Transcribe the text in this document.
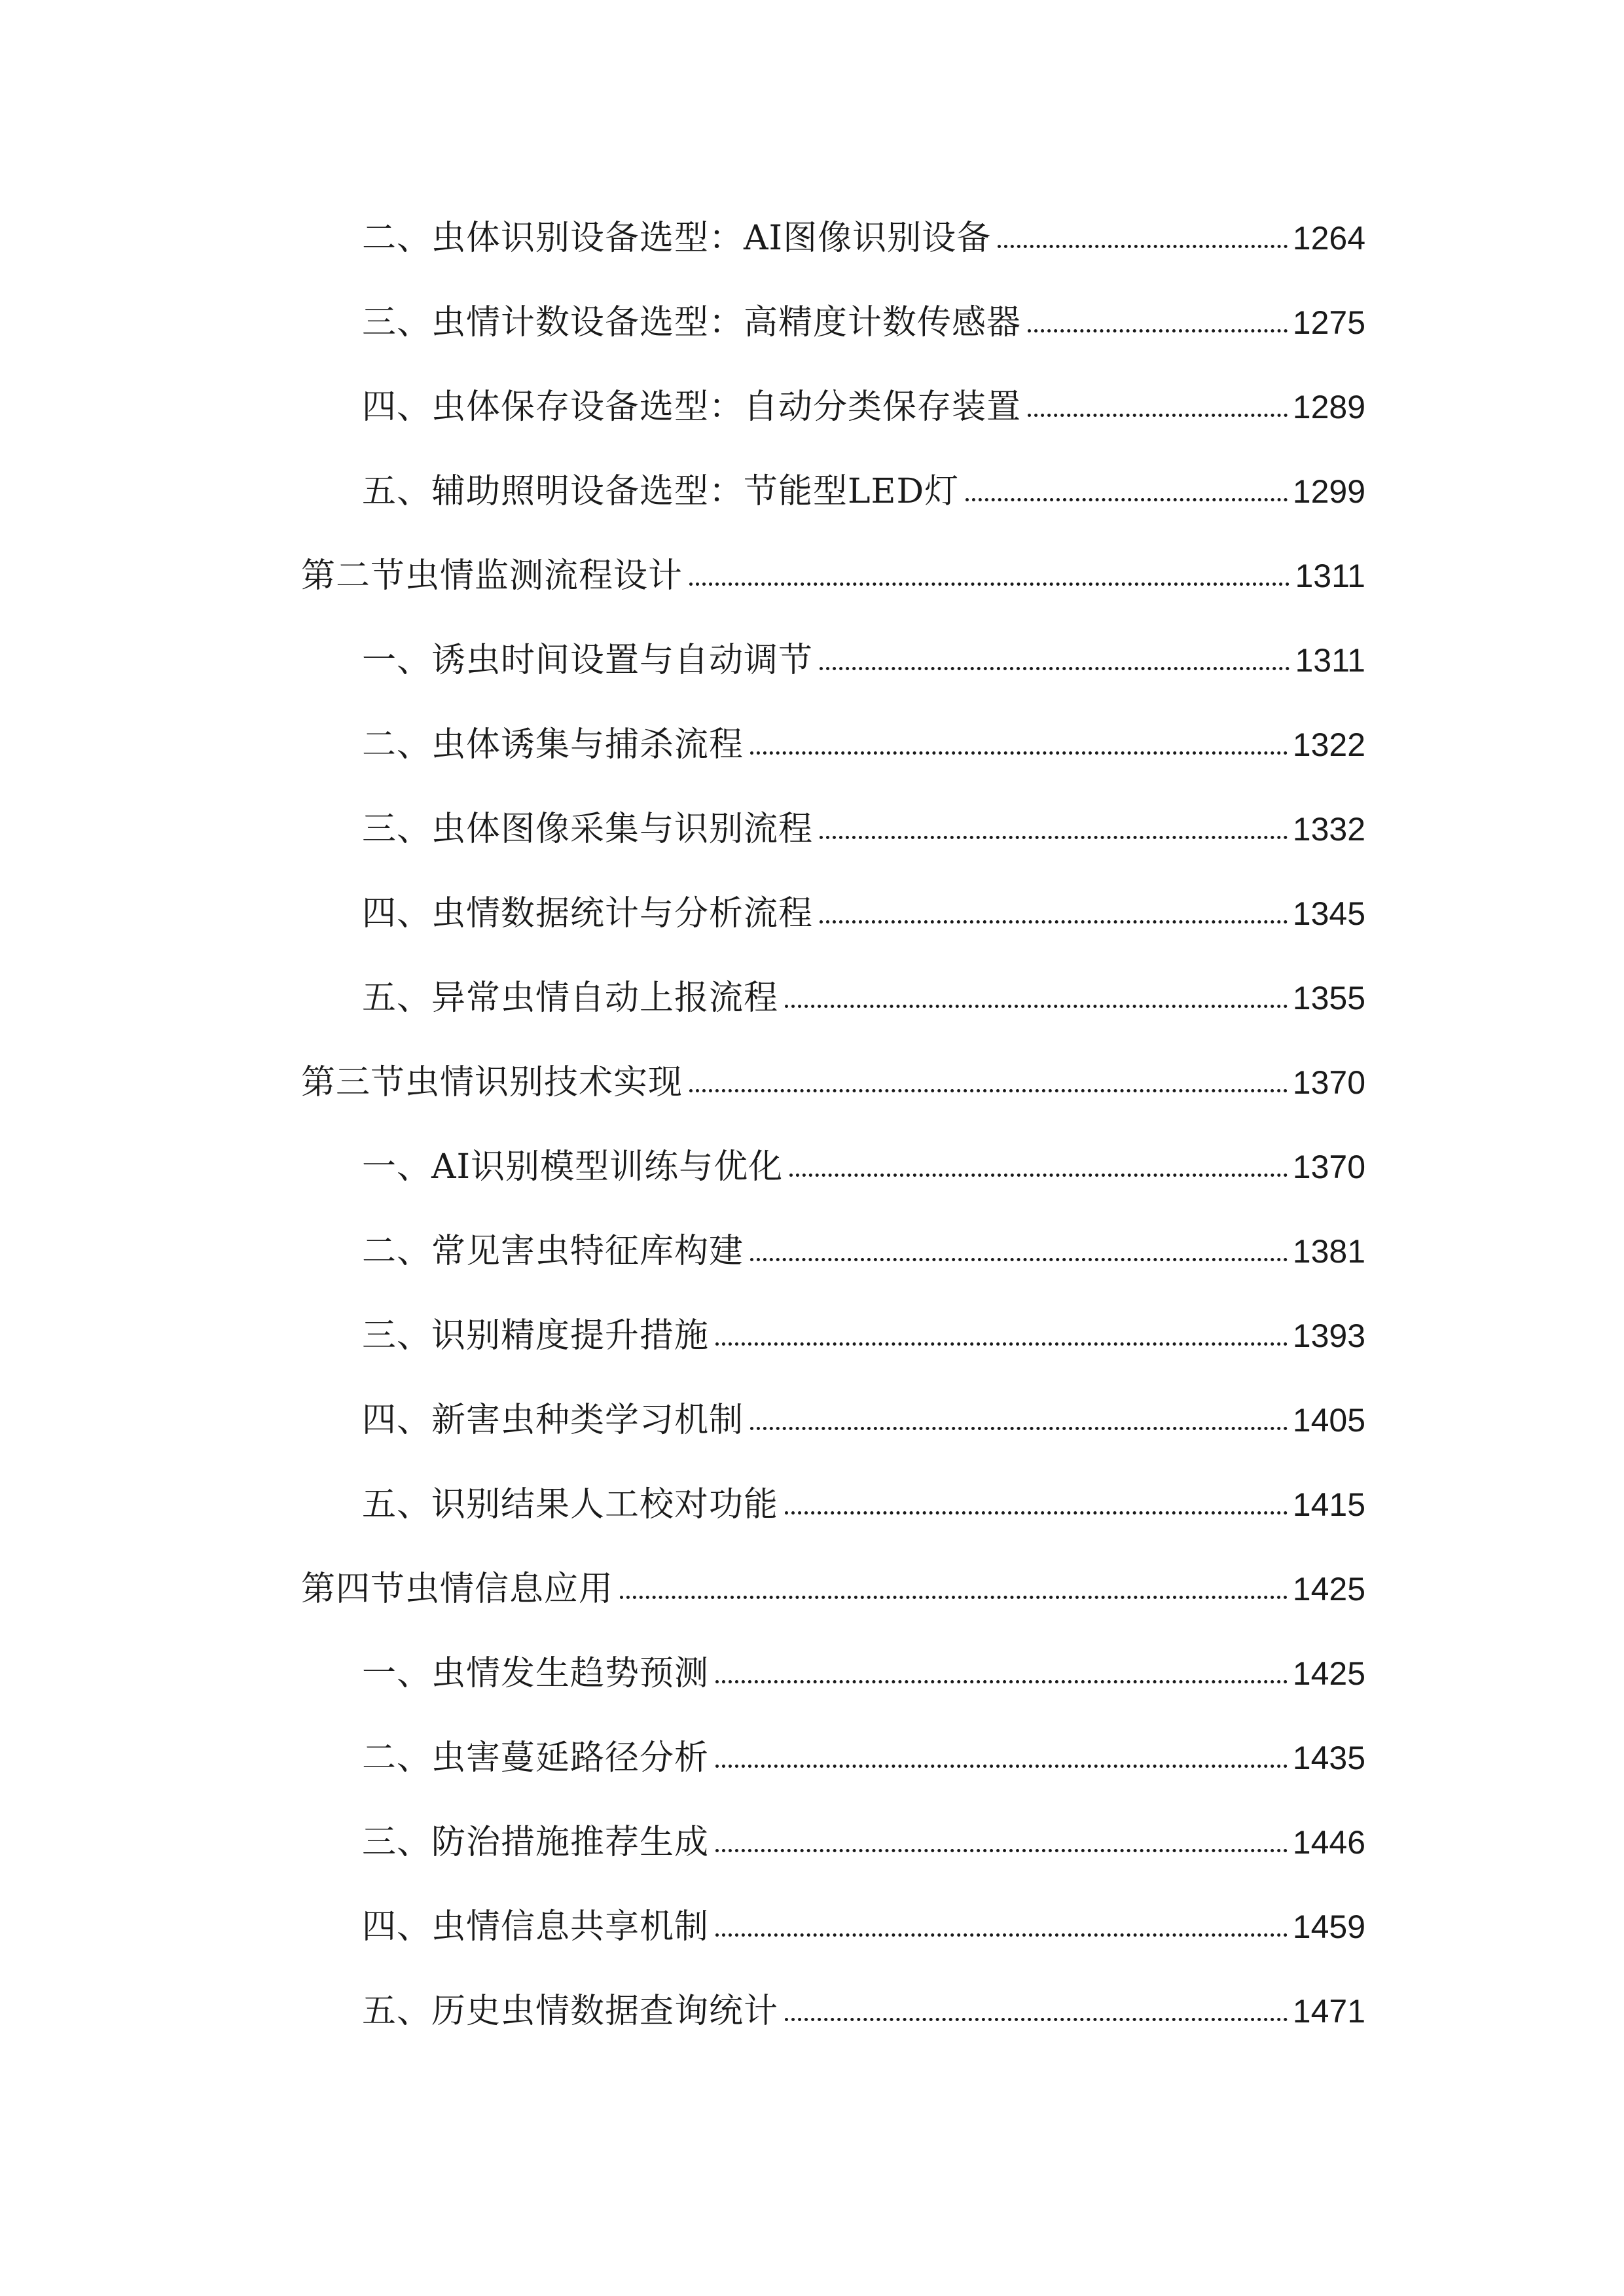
二、虫体识别设备选型：AI图像识别设备	1264
三、虫情计数设备选型：高精度计数传感器	1275
四、虫体保存设备选型：自动分类保存装置	1289
五、辅助照明设备选型：节能型LED灯	1299
第二节虫情监测流程设计	1311
一、诱虫时间设置与自动调节	1311
二、虫体诱集与捕杀流程	1322
三、虫体图像采集与识别流程	1332
四、虫情数据统计与分析流程	1345
五、异常虫情自动上报流程	1355
第三节虫情识别技术实现	1370
一、AI识别模型训练与优化	1370
二、常见害虫特征库构建	1381
三、识别精度提升措施	1393
四、新害虫种类学习机制	1405
五、识别结果人工校对功能	1415
第四节虫情信息应用	1425
一、虫情发生趋势预测	1425
二、虫害蔓延路径分析	1435
三、防治措施推荐生成	1446
四、虫情信息共享机制	1459
五、历史虫情数据查询统计	1471
